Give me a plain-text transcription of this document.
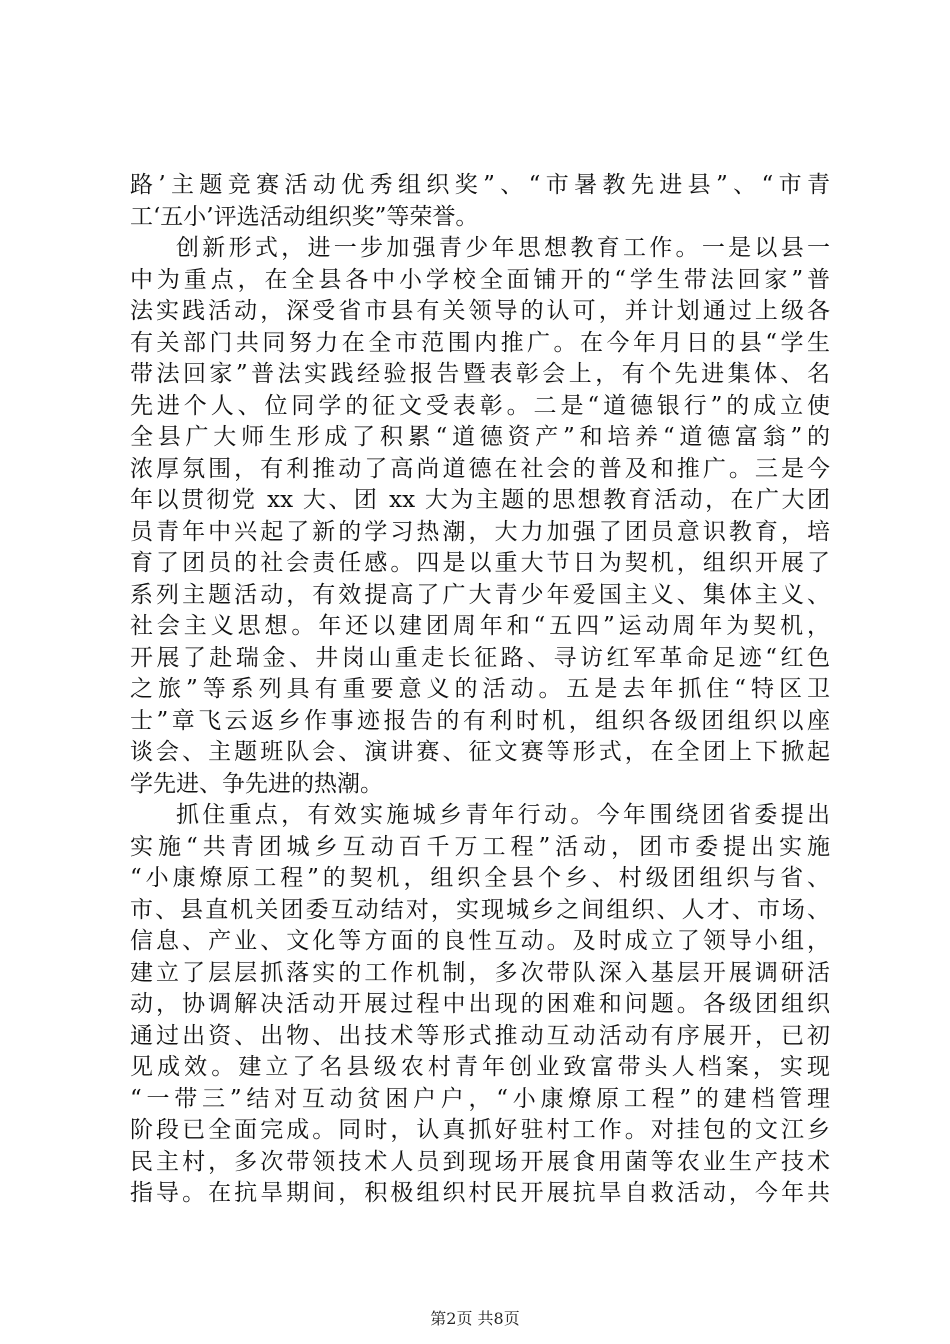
路’主题竞赛活动优秀组织奖”、“市暑教先进县”、“市青
工‘五小’评选活动组织奖”等荣誉。
创新形式，进一步加强青少年思想教育工作。一是以县一
中为重点，在全县各中小学校全面铺开的“学生带法回家”普
法实践活动，深受省市县有关领导的认可，并计划通过上级各
有关部门共同努力在全市范围内推广。在今年月日的县“学生
带法回家”普法实践经验报告暨表彰会上，有个先进集体、名
先进个人、位同学的征文受表彰。二是“道德银行”的成立使
全县广大师生形成了积累“道德资产”和培养“道德富翁”的
浓厚氛围，有利推动了高尚道德在社会的普及和推广。三是今
年以贯彻党 xx 大、团 xx 大为主题的思想教育活动，在广大团
员青年中兴起了新的学习热潮，大力加强了团员意识教育，培
育了团员的社会责任感。四是以重大节日为契机，组织开展了
系列主题活动，有效提高了广大青少年爱国主义、集体主义、
社会主义思想。年还以建团周年和“五四”运动周年为契机，
开展了赴瑞金、井岗山重走长征路、寻访红军革命足迹“红色
之旅”等系列具有重要意义的活动。五是去年抓住“特区卫
士”章飞云返乡作事迹报告的有利时机，组织各级团组织以座
谈会、主题班队会、演讲赛、征文赛等形式，在全团上下掀起
学先进、争先进的热潮。
抓住重点，有效实施城乡青年行动。今年围绕团省委提出
实施“共青团城乡互动百千万工程”活动，团市委提出实施
“小康燎原工程”的契机，组织全县个乡、村级团组织与省、
市、县直机关团委互动结对，实现城乡之间组织、人才、市场、
信息、产业、文化等方面的良性互动。及时成立了领导小组，
建立了层层抓落实的工作机制，多次带队深入基层开展调研活
动，协调解决活动开展过程中出现的困难和问题。各级团组织
通过出资、出物、出技术等形式推动互动活动有序展开，已初
见成效。建立了名县级农村青年创业致富带头人档案，实现
“一带三”结对互动贫困户户，“小康燎原工程”的建档管理
阶段已全面完成。同时，认真抓好驻村工作。对挂包的文江乡
民主村，多次带领技术人员到现场开展食用菌等农业生产技术
指导。在抗旱期间，积极组织村民开展抗旱自救活动，今年共
第2页 共8页
